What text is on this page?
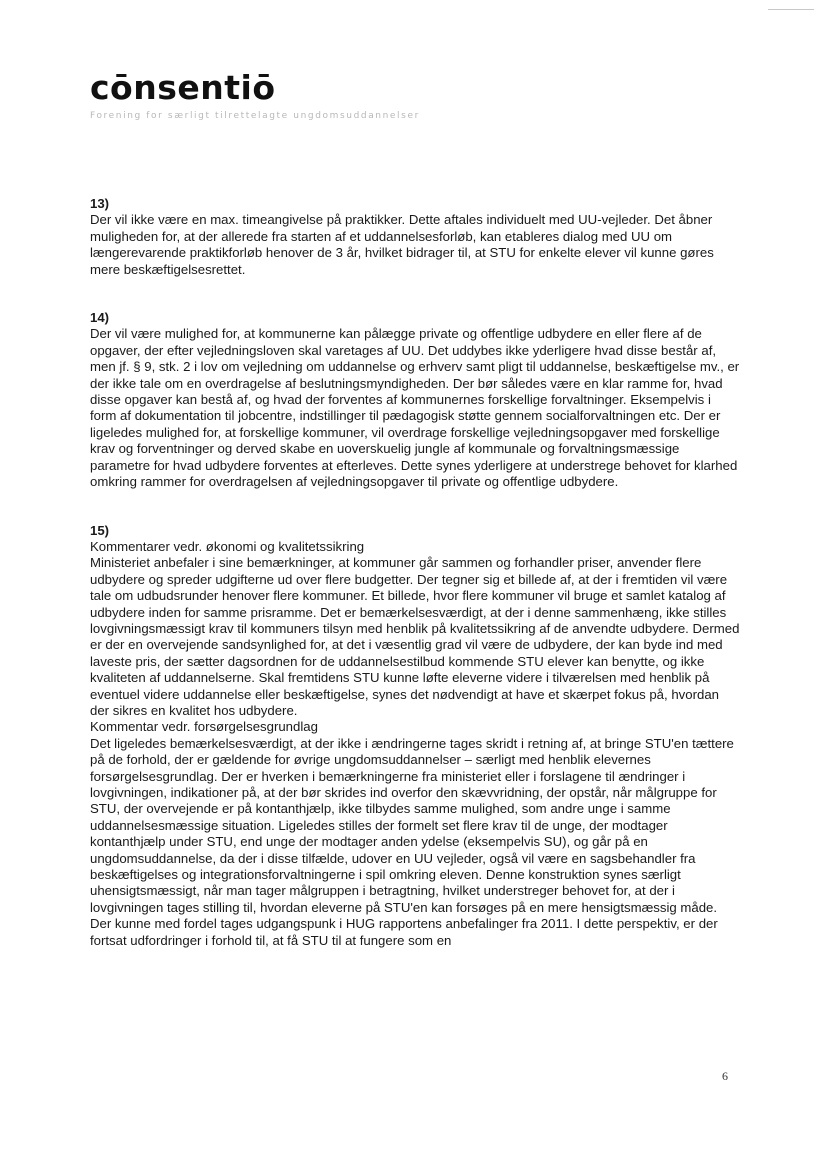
cōnsentiō
Forening for særligt tilrettelagte ungdomsuddannelser
13)

Der vil ikke være en max. timeangivelse på praktikker. Dette aftales individuelt med UU-vejleder. Det åbner muligheden for, at der allerede fra starten af et uddannelsesforløb, kan etableres dialog med UU om længerevarende praktikforløb henover de 3 år, hvilket bidrager til, at STU for enkelte elever vil kunne gøres mere beskæftigelsesrettet.

14)

Der vil være mulighed for, at kommunerne kan pålægge private og offentlige udbydere en eller flere af de opgaver, der efter vejledningsloven skal varetages af UU. Det uddybes ikke yderligere hvad disse består af, men jf. § 9, stk. 2 i lov om vejledning om uddannelse og erhverv samt pligt til uddannelse, beskæftigelse mv., er der ikke tale om en overdragelse af beslutningsmyndigheden. Der bør således være en klar ramme for, hvad disse opgaver kan bestå af, og hvad der forventes af kommunernes forskellige forvaltninger. Eksempelvis i form af dokumentation til jobcentre, indstillinger til pædagogisk støtte gennem socialforvaltningen etc. Der er ligeledes mulighed for, at forskellige kommuner, vil overdrage forskellige vejledningsopgaver med forskellige krav og forventninger og derved skabe en uoverskuelig jungle af kommunale og forvaltningsmæssige parametre for hvad udbydere forventes at efterleves. Dette synes yderligere at understrege behovet for klarhed omkring rammer for overdragelsen af vejledningsopgaver til private og offentlige udbydere.

15)

Kommentarer vedr. økonomi og kvalitetssikring

Ministeriet anbefaler i sine bemærkninger, at kommuner går sammen og forhandler priser, anvender flere udbydere og spreder udgifterne ud over flere budgetter. Der tegner sig et billede af, at der i fremtiden vil være tale om udbudsrunder henover flere kommuner. Et billede, hvor flere kommuner vil bruge et samlet katalog af udbydere inden for samme prisramme. Det er bemærkelsesværdigt, at der i denne sammenhæng, ikke stilles lovgivningsmæssigt krav til kommuners tilsyn med henblik på kvalitetssikring af de anvendte udbydere. Dermed er der en overvejende sandsynlighed for, at det i væsentlig grad vil være de udbydere, der kan byde ind med laveste pris, der sætter dagsordnen for de uddannelsestilbud kommende STU elever kan benytte, og ikke kvaliteten af uddannelserne. Skal fremtidens STU kunne løfte eleverne videre i tilværelsen med henblik på eventuel videre uddannelse eller beskæftigelse, synes det nødvendigt at have et skærpet fokus på, hvordan der sikres en kvalitet hos udbydere.

Kommentar vedr. forsørgelsesgrundlag

Det ligeledes bemærkelsesværdigt, at der ikke i ændringerne tages skridt i retning af, at bringe STU'en tættere på de forhold, der er gældende for øvrige ungdomsuddannelser – særligt med henblik elevernes forsørgelsesgrundlag. Der er hverken i bemærkningerne fra ministeriet eller i forslagene til ændringer i lovgivningen, indikationer på, at der bør skrides ind overfor den skævvridning, der opstår, når målgruppe for STU, der overvejende er på kontanthjælp, ikke tilbydes samme mulighed, som andre unge i samme uddannelsesmæssige situation. Ligeledes stilles der formelt set flere krav til de unge, der modtager kontanthjælp under STU, end unge der modtager anden ydelse (eksempelvis SU), og går på en ungdomsuddannelse, da der i disse tilfælde, udover en UU vejleder, også vil være en sagsbehandler fra beskæftigelses og integrationsforvaltningerne i spil omkring eleven. Denne konstruktion synes særligt uhensigtsmæssigt, når man tager målgruppen i betragtning, hvilket understreger behovet for, at der i lovgivningen tages stilling til, hvordan eleverne på STU'en kan forsøges på en mere hensigtsmæssig måde. Der kunne med fordel tages udgangspunk i HUG rapportens anbefalinger fra 2011. I dette perspektiv, er der fortsat udfordringer i forhold til, at få STU til at fungere som en

6
